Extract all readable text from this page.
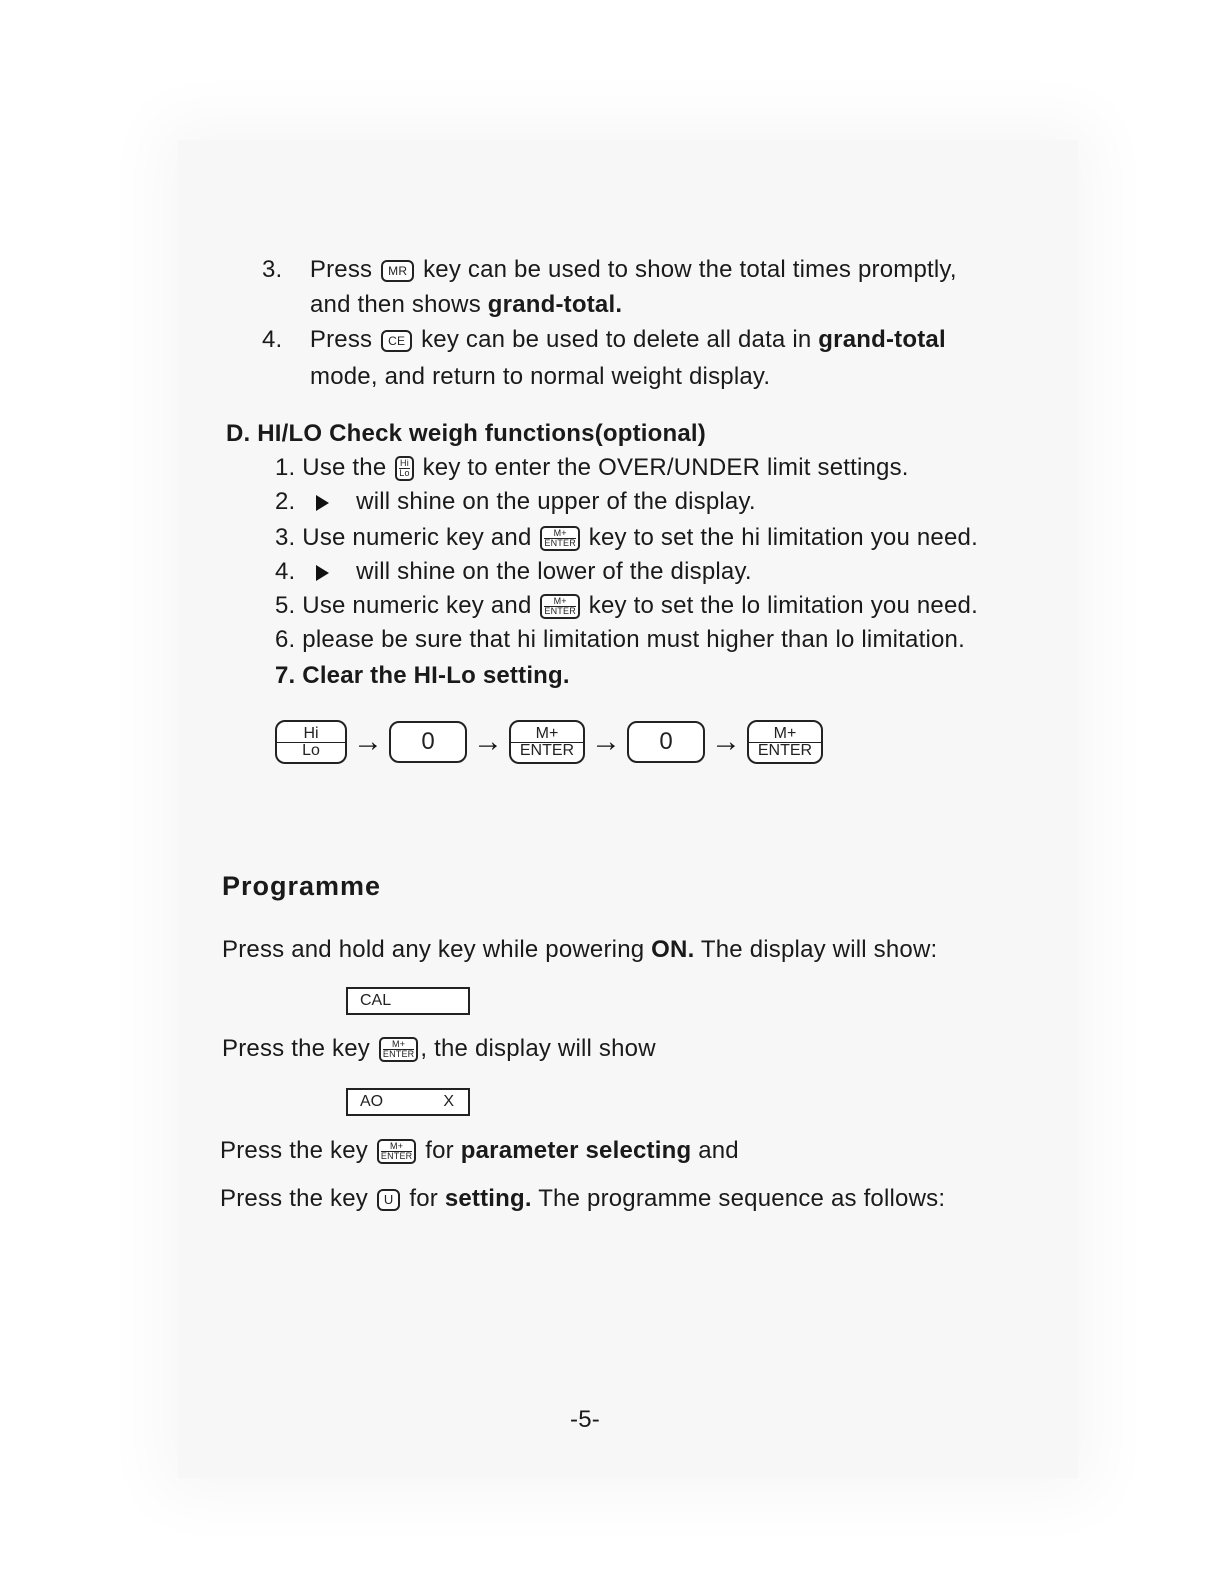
3. Press MR key can be used to show the total times promptly,
and then shows grand-total.
4. Press CE key can be used to delete all data in grand-total
mode, and return to normal weight display.
D. HI/LO Check weigh functions(optional)
1. Use the $\frac{Hi}{Lo}$ key to enter the OVER/UNDER limit settings.
2.	will shine on the upper of the display.
3. Use numeric key and	M+
ENTER key to set the hi limitation you need.
4.	will shine on the lower of the display.
5. Use numeric key and	M+
ENTER key to set the lo limitation you need.
6. please be sure that hi limitation must higher than lo limitation.
7. Clear the HI-Lo setting.
Hi
Lo →	0	→	M+
ENTER →	0	→	M+
ENTER
Programme
Press and hold any key while powering ON. The display will show:
CAL
Press the key	M+
ENTER , the display will show
AO	X
Press the key	M+
ENTER for parameter selecting and
Press the key U for setting. The programme sequence as follows:
-5-
